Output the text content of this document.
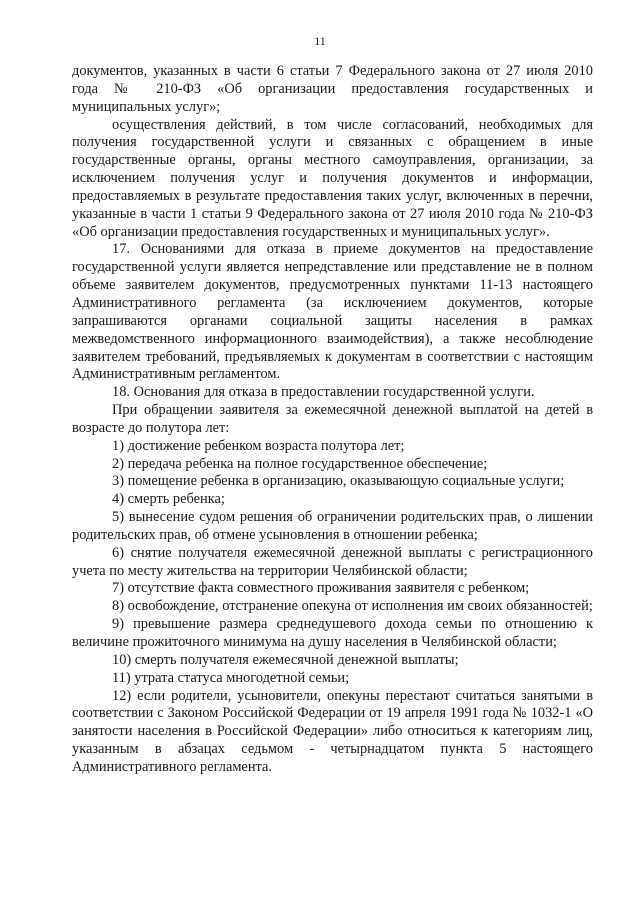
11

документов, указанных в части 6 статьи 7 Федерального закона от 27 июля 2010 года № 210-ФЗ «Об организации предоставления государственных и муниципальных услуг»;

осуществления действий, в том числе согласований, необходимых для получения государственной услуги и связанных с обращением в иные государственные органы, органы местного самоуправления, организации, за исключением получения услуг и получения документов и информации, предоставляемых в результате предоставления таких услуг, включенных в перечни, указанные в части 1 статьи 9 Федерального закона от 27 июля 2010 года № 210-ФЗ «Об организации предоставления государственных и муниципальных услуг».

17. Основаниями для отказа в приеме документов на предоставление государственной услуги является непредставление или представление не в полном объеме заявителем документов, предусмотренных пунктами 11-13 настоящего Административного регламента (за исключением документов, которые запрашиваются органами социальной защиты населения в рамках межведомственного информационного взаимодействия), а также несоблюдение заявителем требований, предъявляемых к документам в соответствии с настоящим Административным регламентом.

18. Основания для отказа в предоставлении государственной услуги.

При обращении заявителя за ежемесячной денежной выплатой на детей в возрасте до полутора лет:

1) достижение ребенком возраста полутора лет;

2) передача ребенка на полное государственное обеспечение;

3) помещение ребенка в организацию, оказывающую социальные услуги;

4) смерть ребенка;

5) вынесение судом решения об ограничении родительских прав, о лишении родительских прав, об отмене усыновления в отношении ребенка;

6) снятие получателя ежемесячной денежной выплаты с регистрационного учета по месту жительства на территории Челябинской области;

7) отсутствие факта совместного проживания заявителя с ребенком;

8) освобождение, отстранение опекуна от исполнения им своих обязанностей;

9) превышение размера среднедушевого дохода семьи по отношению к величине прожиточного минимума на душу населения в Челябинской области;

10) смерть получателя ежемесячной денежной выплаты;

11) утрата статуса многодетной семьи;

12) если родители, усыновители, опекуны перестают считаться занятыми в соответствии с Законом Российской Федерации от 19 апреля 1991 года № 1032-1 «О занятости населения в Российской Федерации» либо относиться к категориям лиц, указанным в абзацах седьмом - четырнадцатом пункта 5 настоящего Административного регламента.
